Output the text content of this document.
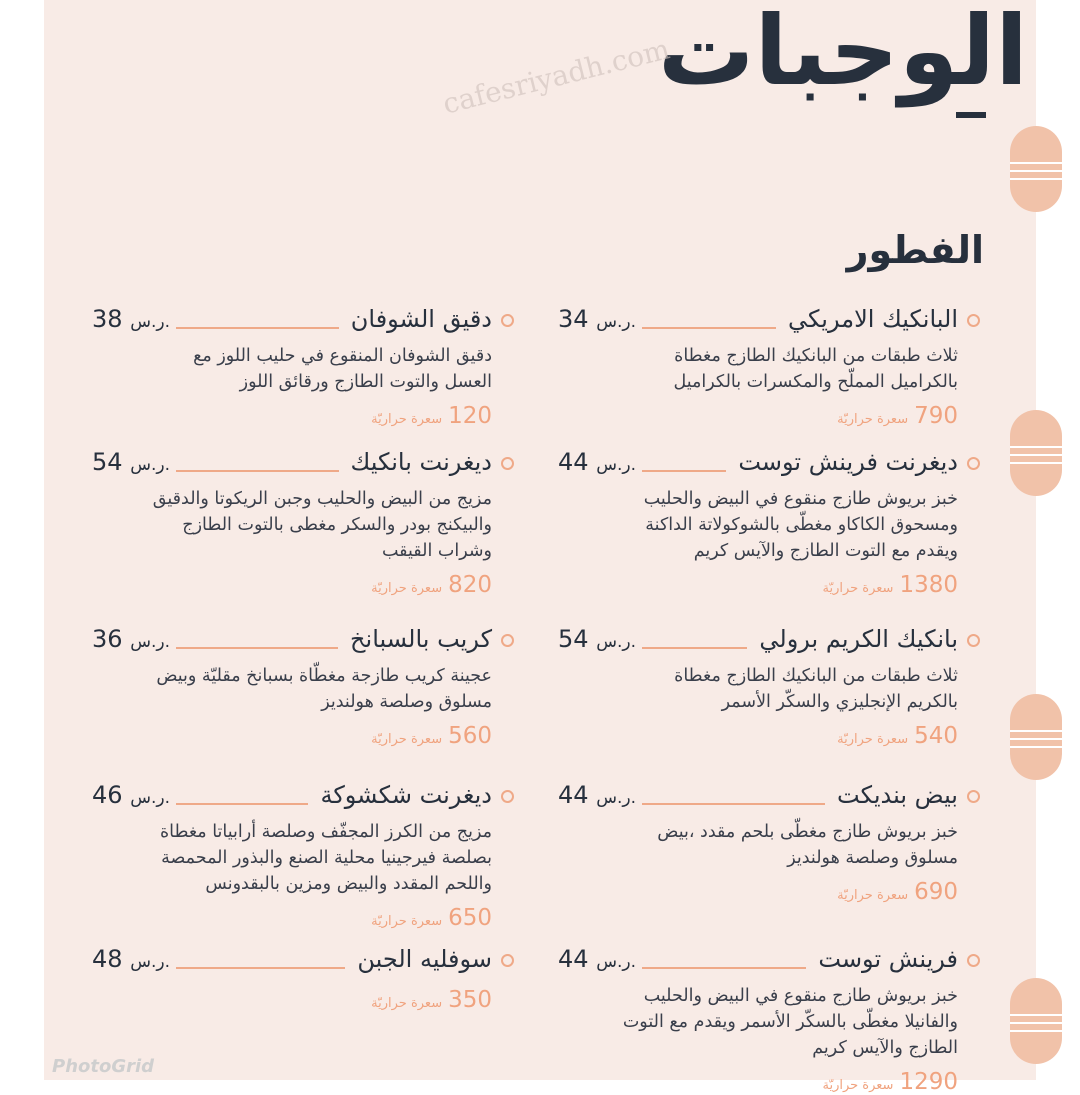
الوجبات
cafesriyadh.com
الفطور
البانكيك الامريكي
34 ر.س.
ثلاث طبقات من البانكيك الطازج مغطاة
بالكراميل المملّح والمكسرات بالكراميل
790سعرة حراريّة
ديغرنت فرينش توست
44 ر.س.
خبز بريوش طازج منقوع في البيض والحليب
ومسحوق الكاكاو مغطّى بالشوكولاتة الداكنة
ويقدم مع التوت الطازج والآيس كريم
1380سعرة حراريّة
بانكيك الكريم برولي
54 ر.س.
ثلاث طبقات من البانكيك الطازج مغطاة
بالكريم الإنجليزي والسكّر الأسمر
540سعرة حراريّة
بيض بنديكت
44 ر.س.
خبز بريوش طازج مغطّى بلحم مقدد ،بيض
مسلوق وصلصة هولنديز
690سعرة حراريّة
فرينش توست
44 ر.س.
خبز بريوش طازج منقوع في البيض والحليب
والفانيلا مغطّى بالسكّر الأسمر ويقدم مع التوت
الطازج والآيس كريم
1290سعرة حراريّة
دقيق الشوفان
38 ر.س.
دقيق الشوفان المنقوع في حليب اللوز مع
العسل والتوت الطازج ورقائق اللوز
120سعرة حراريّة
ديغرنت بانكيك
54 ر.س.
مزيج من البيض والحليب وجبن الريكوتا والدقيق
والبيكنج بودر والسكر مغطى بالتوت الطازج
وشراب القيقب
820سعرة حراريّة
كريب بالسبانخ
36 ر.س.
عجينة كريب طازجة مغطّاة بسبانخ مقليّة وبيض
مسلوق وصلصة هولنديز
560سعرة حراريّة
ديغرنت شكشوكة
46 ر.س.
مزيج من الكرز المجفّف وصلصة أرابياتا مغطاة
بصلصة فيرجينيا محلية الصنع والبذور المحمصة
واللحم المقدد والبيض ومزين بالبقدونس
650سعرة حراريّة
سوفليه الجبن
48 ر.س.
350سعرة حراريّة
PhotoGrid
